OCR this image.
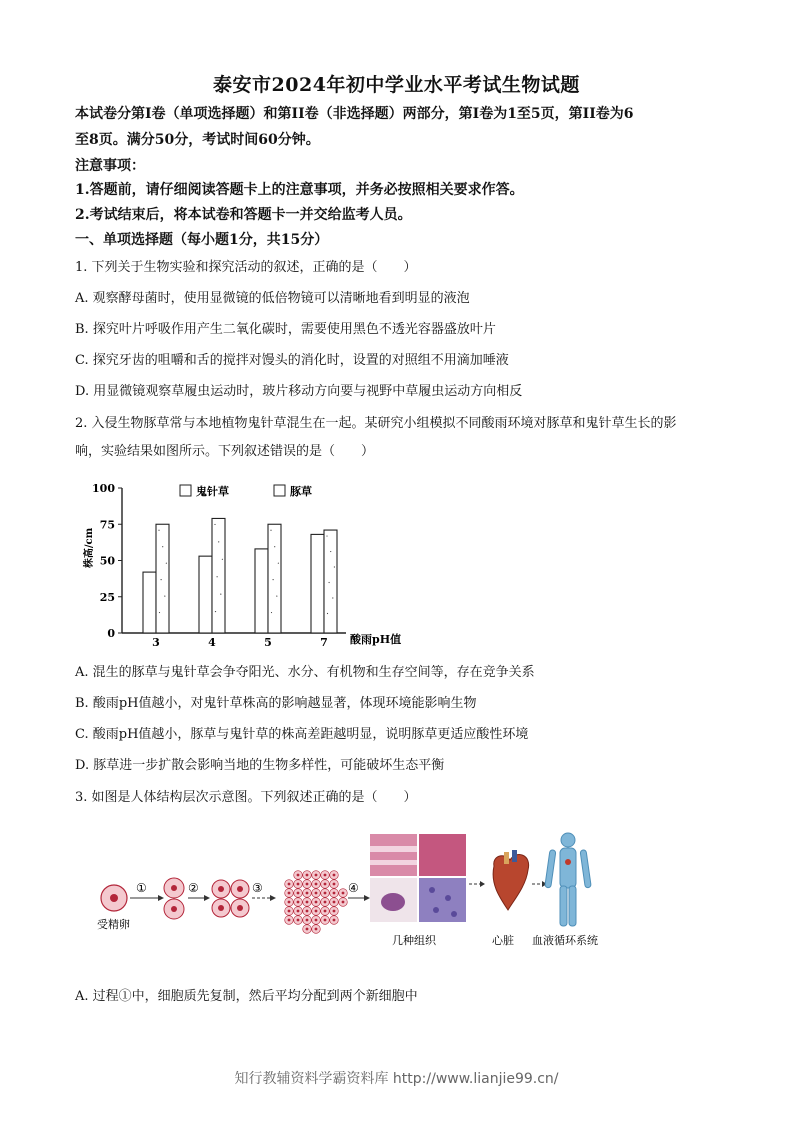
泰安市2024年初中学业水平考试生物试题
本试卷分第I卷（单项选择题）和第II卷（非选择题）两部分，第I卷为1至5页，第II卷为6
至8页。满分50分，考试时间60分钟。
注意事项：
1.答题前，请仔细阅读答题卡上的注意事项，并务必按照相关要求作答。
2.考试结束后，将本试卷和答题卡一并交给监考人员。
一、单项选择题（每小题1分，共15分）
1. 下列关于生物实验和探究活动的叙述，正确的是（　　）
A. 观察酵母菌时，使用显微镜的低倍物镜可以清晰地看到明显的液泡
B. 探究叶片呼吸作用产生二氧化碳时，需要使用黑色不透光容器盛放叶片
C. 探究牙齿的咀嚼和舌的搅拌对馒头的消化时，设置的对照组不用滴加唾液
D. 用显微镜观察草履虫运动时，玻片移动方向要与视野中草履虫运动方向相反
2. 入侵生物豚草常与本地植物鬼针草混生在一起。某研究小组模拟不同酸雨环境对豚草和鬼针草生长的影
响，实验结果如图所示。下列叙述错误的是（　　）
0
25
50
75
100
3	4	5	7
鬼针草	豚草
株高/cm
酸雨pH值
A. 混生的豚草与鬼针草会争夺阳光、水分、有机物和生存空间等，存在竞争关系
B. 酸雨pH值越小，对鬼针草株高的影响越显著，体现环境能影响生物
C. 酸雨pH值越小，豚草与鬼针草的株高差距越明显，说明豚草更适应酸性环境
D. 豚草进一步扩散会影响当地的生物多样性，可能破坏生态平衡
3. 如图是人体结构层次示意图。下列叙述正确的是（　　）
受精卵
①	②	③	④
几种组织	心脏 血液循环系统
A. 过程①中，细胞质先复制，然后平均分配到两个新细胞中
知行教辅资料学霸资料库 http://www.lianjie99.cn/
